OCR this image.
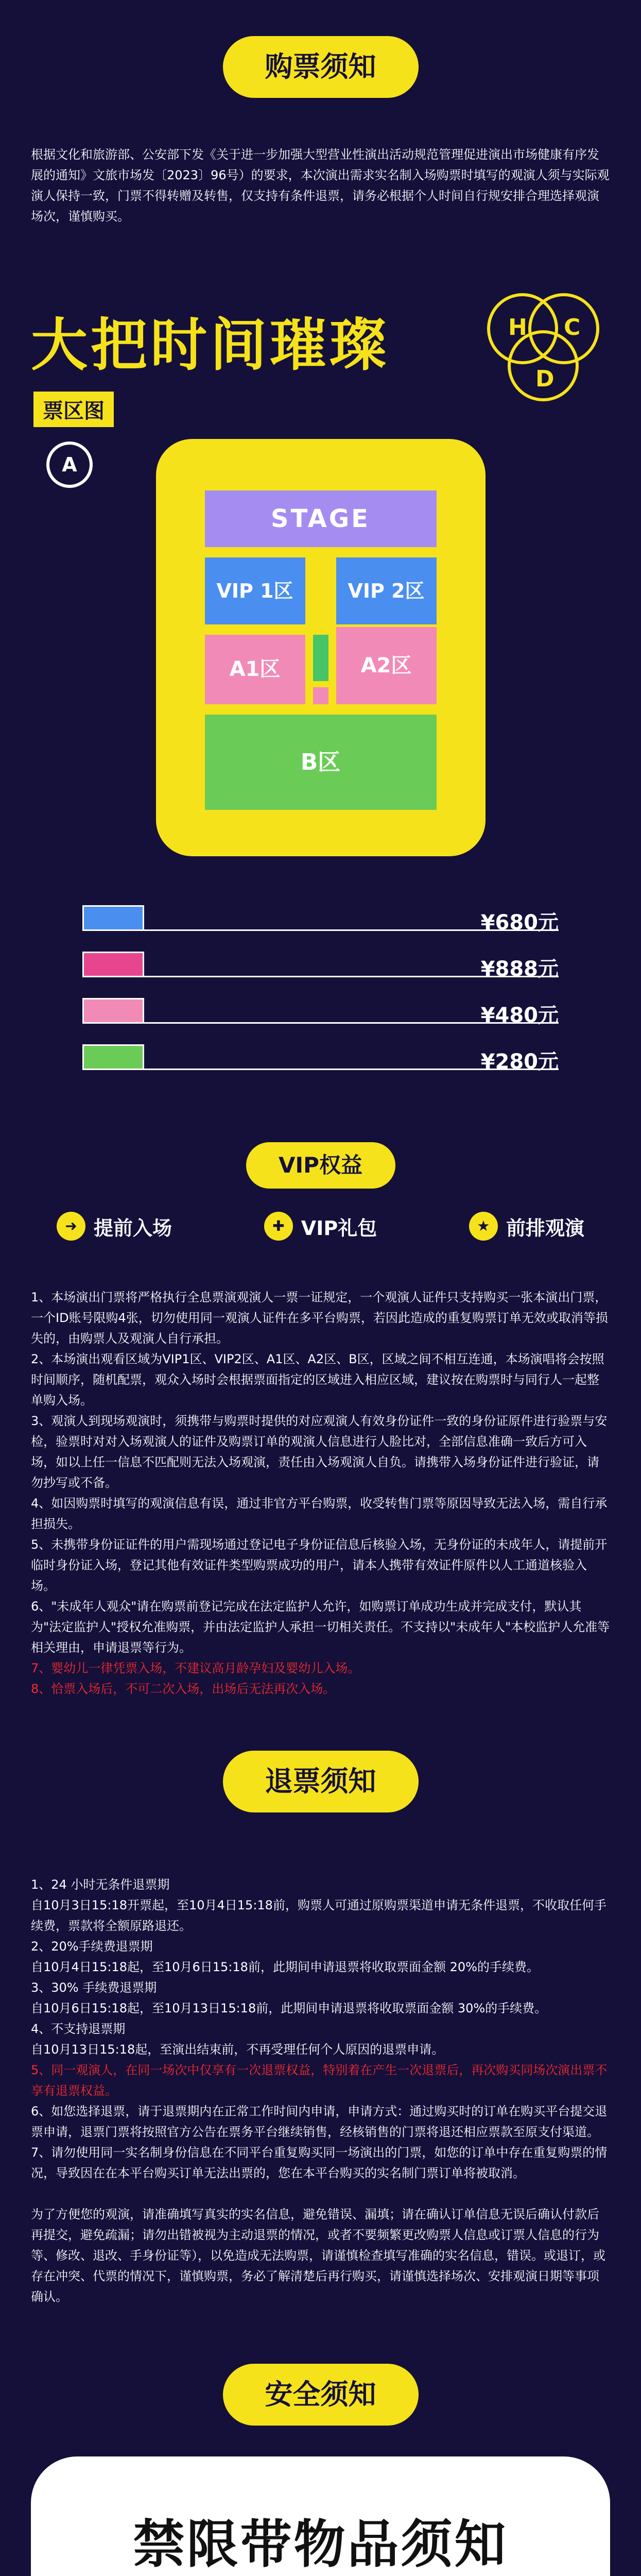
购票须知
根据文化和旅游部、公安部下发《关于进一步加强大型营业性演出活动规范管理促进演出市场健康有序发展的通知》文旅市场发〔2023〕96号）的要求，本次演出需求实名制入场购票时填写的观演人须与实际观演人保持一致，门票不得转赠及转售，仅支持有条件退票，请务必根据个人时间自行规安排合理选择观演场次，谨慎购买。
大把时间璀璨	H C
D
票区图
A
STAGE
VIP 1区	VIP 2区
A1区	A2区
B区
¥680元
¥888元
¥480元
¥280元
VIP权益
➜ 提前入场	✚ VIP礼包	★ 前排观演

1、本场演出门票将严格执行全息票演观演人一票一证规定，一个观演人证件只支持购买一张本演出门票，一个ID账号限购4张，切勿使用同一观演人证件在多平台购票，若因此造成的重复购票订单无效或取消等损失的，由购票人及观演人自行承担。

2、本场演出观看区域为VIP1区、VIP2区、A1区、A2区、B区，区域之间不相互连通，本场演唱将会按照时间顺序，随机配票，观众入场时会根据票面指定的区域进入相应区域，建议按在购票时与同行人一起整单购入场。

3、观演人到现场观演时，须携带与购票时提供的对应观演人有效身份证件一致的身份证原件进行验票与安检，验票时对对入场观演人的证件及购票订单的观演人信息进行人脸比对，全部信息准确一致后方可入场，如以上任一信息不匹配则无法入场观演，责任由入场观演人自负。请携带入场身份证件进行验证，请勿抄写或不备。

4、如因购票时填写的观演信息有误，通过非官方平台购票，收受转售门票等原因导致无法入场，需自行承担损失。

5、未携带身份证证件的用户需现场通过登记电子身份证信息后核验入场，无身份证的未成年人，请提前开临时身份证入场，登记其他有效证件类型购票成功的用户，请本人携带有效证件原件以人工通道核验入场。

6、"未成年人观众"请在购票前登记完成在法定监护人允许，如购票订单成功生成并完成支付，默认其为"法定监护人"授权允准购票，并由法定监护人承担一切相关责任。不支持以"未成年人"本校监护人允准等相关理由，申请退票等行为。

7、婴幼儿一律凭票入场，不建议高月龄孕妇及婴幼儿入场。

8、恰票入场后，不可二次入场，出场后无法再次入场。

退票须知

1、24 小时无条件退票期

自10月3日15:18开票起，至10月4日15:18前，购票人可通过原购票渠道申请无条件退票，不收取任何手续费，票款将全额原路退还。

2、20%手续费退票期

自10月4日15:18起，至10月6日15:18前，此期间申请退票将收取票面金额 20%的手续费。

3、30% 手续费退票期

自10月6日15:18起，至10月13日15:18前，此期间申请退票将收取票面金额 30%的手续费。

4、不支持退票期

自10月13日15:18起，至演出结束前，不再受理任何个人原因的退票申请。

5、同一观演人，在同一场次中仅享有一次退票权益，特别着在产生一次退票后，再次购买同场次演出票不享有退票权益。

6、如您选择退票，请于退票期内在正常工作时间内申请，申请方式：通过购买时的订单在购买平台提交退票申请，退票门票将按照官方公告在票务平台继续销售，经核销售的门票将退还相应票款至原支付渠道。

7、请勿使用同一实名制身份信息在不同平台重复购买同一场演出的门票，如您的订单中存在重复购票的情况，导致因在在本平台购买订单无法出票的，您在本平台购买的实名制门票订单将被取消。

为了方便您的观演，请准确填写真实的实名信息，避免错误、漏填；请在确认订单信息无误后确认付款后再提交，避免疏漏；请勿出错被视为主动退票的情况，或者不要频繁更改购票人信息或订票人信息的行为等、修改、退改、手身份证等），以免造成无法购票，请谨慎检查填写准确的实名信息，错误。或退订，或存在冲突、代票的情况下，谨慎购票，务必了解清楚后再行购买，请谨慎选择场次、安排观演日期等事项确认。

安全须知
禁限带物品须知
